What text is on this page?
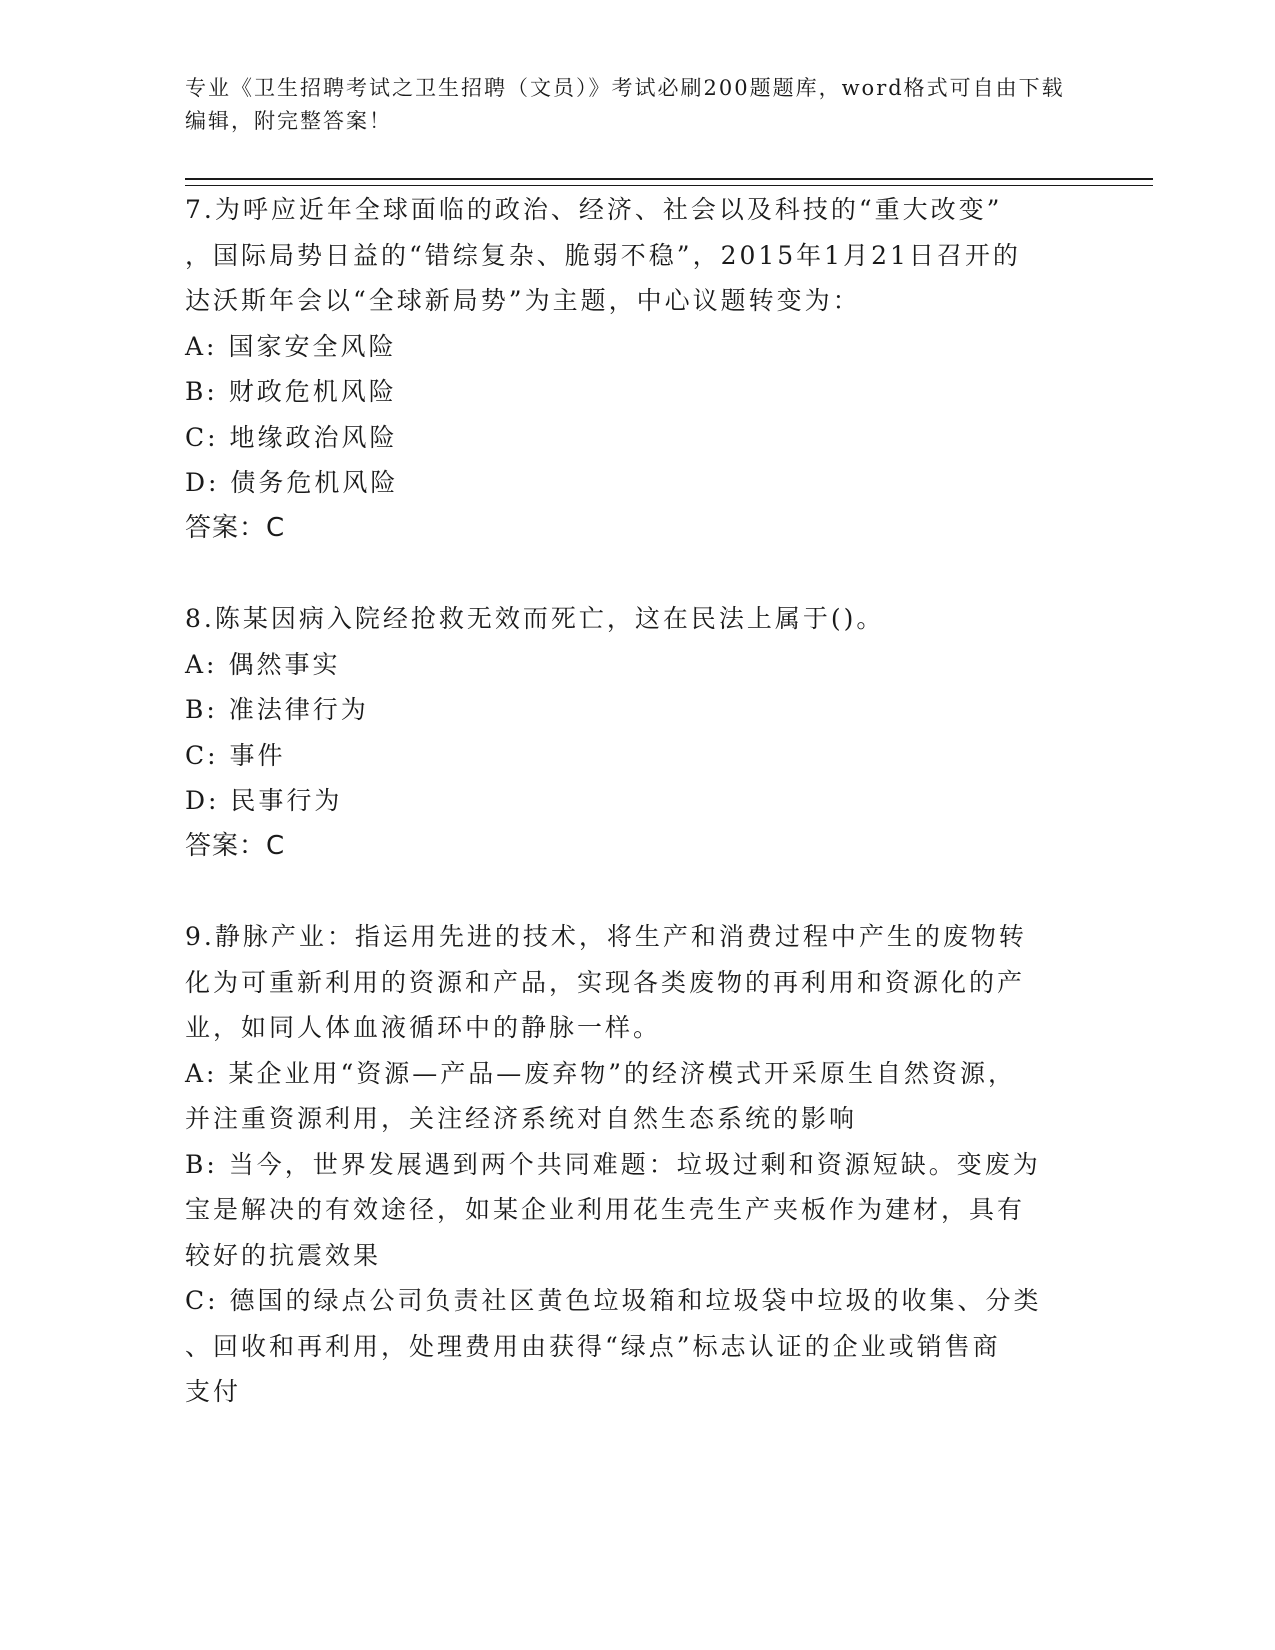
专业《卫生招聘考试之卫生招聘（文员）》考试必刷200题题库，word格式可自由下载编辑，附完整答案！
7.为呼应近年全球面临的政治、经济、社会以及科技的“重大改变”
，国际局势日益的“错综复杂、脆弱不稳”，2015年1月21日召开的
达沃斯年会以“全球新局势”为主题，中心议题转变为：
A: 国家安全风险
B: 财政危机风险
C: 地缘政治风险
D: 债务危机风险
答案：C
8.陈某因病入院经抢救无效而死亡，这在民法上属于()。
A: 偶然事实
B: 准法律行为
C: 事件
D: 民事行为
答案：C
9.静脉产业：指运用先进的技术，将生产和消费过程中产生的废物转
化为可重新利用的资源和产品，实现各类废物的再利用和资源化的产
业，如同人体血液循环中的静脉一样。
A: 某企业用“资源—产品—废弃物”的经济模式开采原生自然资源，
并注重资源利用，关注经济系统对自然生态系统的影响
B: 当今，世界发展遇到两个共同难题：垃圾过剩和资源短缺。变废为
宝是解决的有效途径，如某企业利用花生壳生产夹板作为建材，具有
较好的抗震效果
C: 德国的绿点公司负责社区黄色垃圾箱和垃圾袋中垃圾的收集、分类
、回收和再利用，处理费用由获得“绿点”标志认证的企业或销售商
支付
